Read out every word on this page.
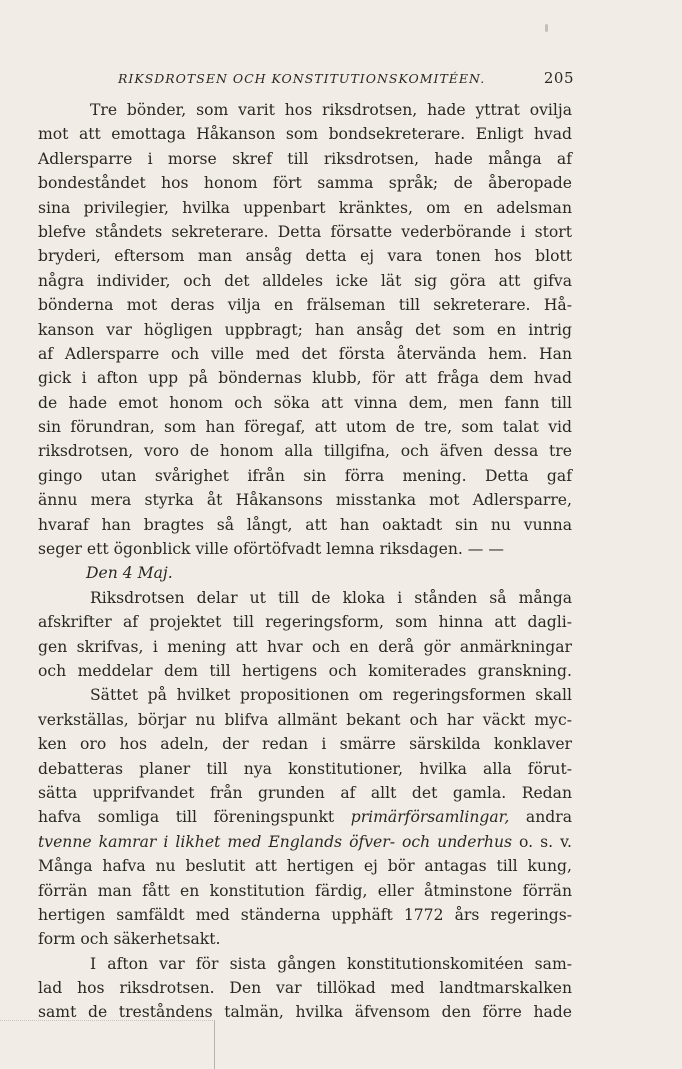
RIKSDROTSEN OCH KONSTITUTIONSKOMITÉEN.	205
Tre bönder, som varit hos riksdrotsen, hade yttrat ovilja
mot att emottaga Håkanson som bondsekreterare. Enligt hvad
Adlersparre i morse skref till riksdrotsen, hade många af
bondeståndet hos honom fört samma språk; de åberopade
sina privilegier, hvilka uppenbart kränktes, om en adelsman
blefve ståndets sekreterare. Detta försatte vederbörande i stort
bryderi, eftersom man ansåg detta ej vara tonen hos blott
några individer, och det alldeles icke lät sig göra att gifva
bönderna mot deras vilja en frälseman till sekreterare. Hå-
kanson var högligen uppbragt; han ansåg det som en intrig
af Adlersparre och ville med det första återvända hem. Han
gick i afton upp på böndernas klubb, för att fråga dem hvad
de hade emot honom och söka att vinna dem, men fann till
sin förundran, som han föregaf, att utom de tre, som talat vid
riksdrotsen, voro de honom alla tillgifna, och äfven dessa tre
gingo utan svårighet ifrån sin förra mening. Detta gaf
ännu mera styrka åt Håkansons misstanka mot Adlersparre,
hvaraf han bragtes så långt, att han oaktadt sin nu vunna
seger ett ögonblick ville oförtöfvadt lemna riksdagen. — —
Den 4 Maj.
Riksdrotsen delar ut till de kloka i stånden så många
afskrifter af projektet till regeringsform, som hinna att dagli-
gen skrifvas, i mening att hvar och en derå gör anmärkningar
och meddelar dem till hertigens och komiterades granskning.
Sättet på hvilket propositionen om regeringsformen skall
verkställas, börjar nu blifva allmänt bekant och har väckt myc-
ken oro hos adeln, der redan i smärre särskilda konklaver
debatteras planer till nya konstitutioner, hvilka alla förut-
sätta upprifvandet från grunden af allt det gamla. Redan
hafva somliga till föreningspunkt primärförsamlingar, andra
tvenne kamrar i likhet med Englands öfver- och underhus o. s. v.
Många hafva nu beslutit att hertigen ej bör antagas till kung,
förrän man fått en konstitution färdig, eller åtminstone förrän
hertigen samfäldt med ständerna upphäft 1772 års regerings-
form och säkerhetsakt.
I afton var för sista gången konstitutionskomitéen sam-
lad hos riksdrotsen. Den var tillökad med landtmarskalken
samt de treståndens talmän, hvilka äfvensom den förre hade
